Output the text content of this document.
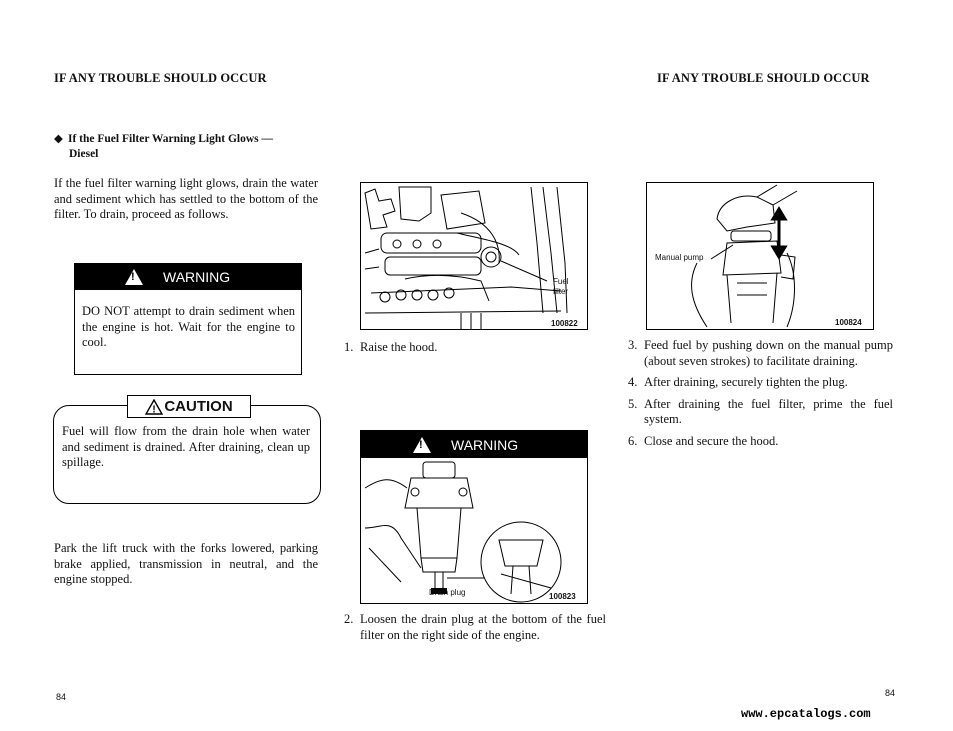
IF ANY TROUBLE SHOULD OCCUR
◆ If the Fuel Filter Warning Light Glows —
Diesel
If the fuel filter warning light glows, drain the water and sediment which has settled to the bottom of the filter. To drain, proceed as follows.
! WARNING
DO NOT attempt to drain sediment when the engine is hot. Wait for the engine to cool.
! CAUTION
Fuel will flow from the drain hole when water and sediment is drained. After draining, clean up spillage.
Park the lift truck with the forks lowered, parking brake applied, transmission in neutral, and the engine stopped.
84
Fuel
filter
100822
1. Raise the hood.
! WARNING
Drain plug	100823
2. Loosen the drain plug at the bottom of the fuel filter on the right side of the engine.
IF ANY TROUBLE SHOULD OCCUR
Manual pump
100824
3. Feed fuel by pushing down on the manual pump (about seven strokes) to facilitate draining.
4. After draining, securely tighten the plug.
5. After draining the fuel filter, prime the fuel system.
6. Close and secure the hood.
84
www.epcatalogs.com
